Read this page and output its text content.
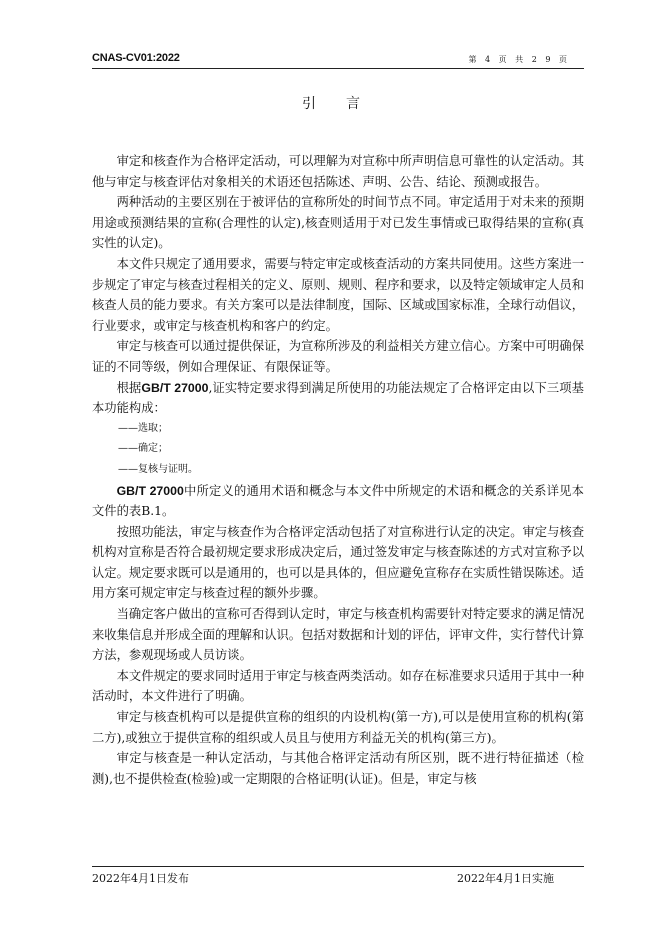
CNAS-CV01:2022	第 4 页 共 2 9 页
引言

审定和核查作为合格评定活动，可以理解为对宣称中所声明信息可靠性的认定活动。其他与审定与核查评估对象相关的术语还包括陈述、声明、公告、结论、预测或报告。

两种活动的主要区别在于被评估的宣称所处的时间节点不同。审定适用于对未来的预期用途或预测结果的宣称(合理性的认定),核查则适用于对已发生事情或已取得结果的宣称(真实性的认定)。

本文件只规定了通用要求，需要与特定审定或核查活动的方案共同使用。这些方案进一步规定了审定与核查过程相关的定义、原则、规则、程序和要求，以及特定领域审定人员和核查人员的能力要求。有关方案可以是法律制度，国际、区域或国家标准，全球行动倡议，行业要求，或审定与核查机构和客户的约定。

审定与核查可以通过提供保证，为宣称所涉及的利益相关方建立信心。方案中可明确保证的不同等级，例如合理保证、有限保证等。

根据GB/T 27000,证实特定要求得到满足所使用的功能法规定了合格评定由以下三项基本功能构成：

——选取；

——确定；

——复核与证明。

GB/T 27000中所定义的通用术语和概念与本文件中所规定的术语和概念的关系详见本文件的表B.1。

按照功能法，审定与核查作为合格评定活动包括了对宣称进行认定的决定。审定与核查机构对宣称是否符合最初规定要求形成决定后，通过签发审定与核查陈述的方式对宣称予以认定。规定要求既可以是通用的，也可以是具体的，但应避免宣称存在实质性错误陈述。适用方案可规定审定与核查过程的额外步骤。

当确定客户做出的宣称可否得到认定时，审定与核查机构需要针对特定要求的满足情况来收集信息并形成全面的理解和认识。包括对数据和计划的评估，评审文件，实行替代计算方法，参观现场或人员访谈。

本文件规定的要求同时适用于审定与核查两类活动。如存在标准要求只适用于其中一种活动时，本文件进行了明确。

审定与核查机构可以是提供宣称的组织的内设机构(第一方),可以是使用宣称的机构(第二方),或独立于提供宣称的组织或人员且与使用方利益无关的机构(第三方)。

审定与核查是一种认定活动，与其他合格评定活动有所区别，既不进行特征描述（检测),也不提供检查(检验)或一定期限的合格证明(认证)。但是，审定与核

2022年4月1日发布	2022年4月1日实施
